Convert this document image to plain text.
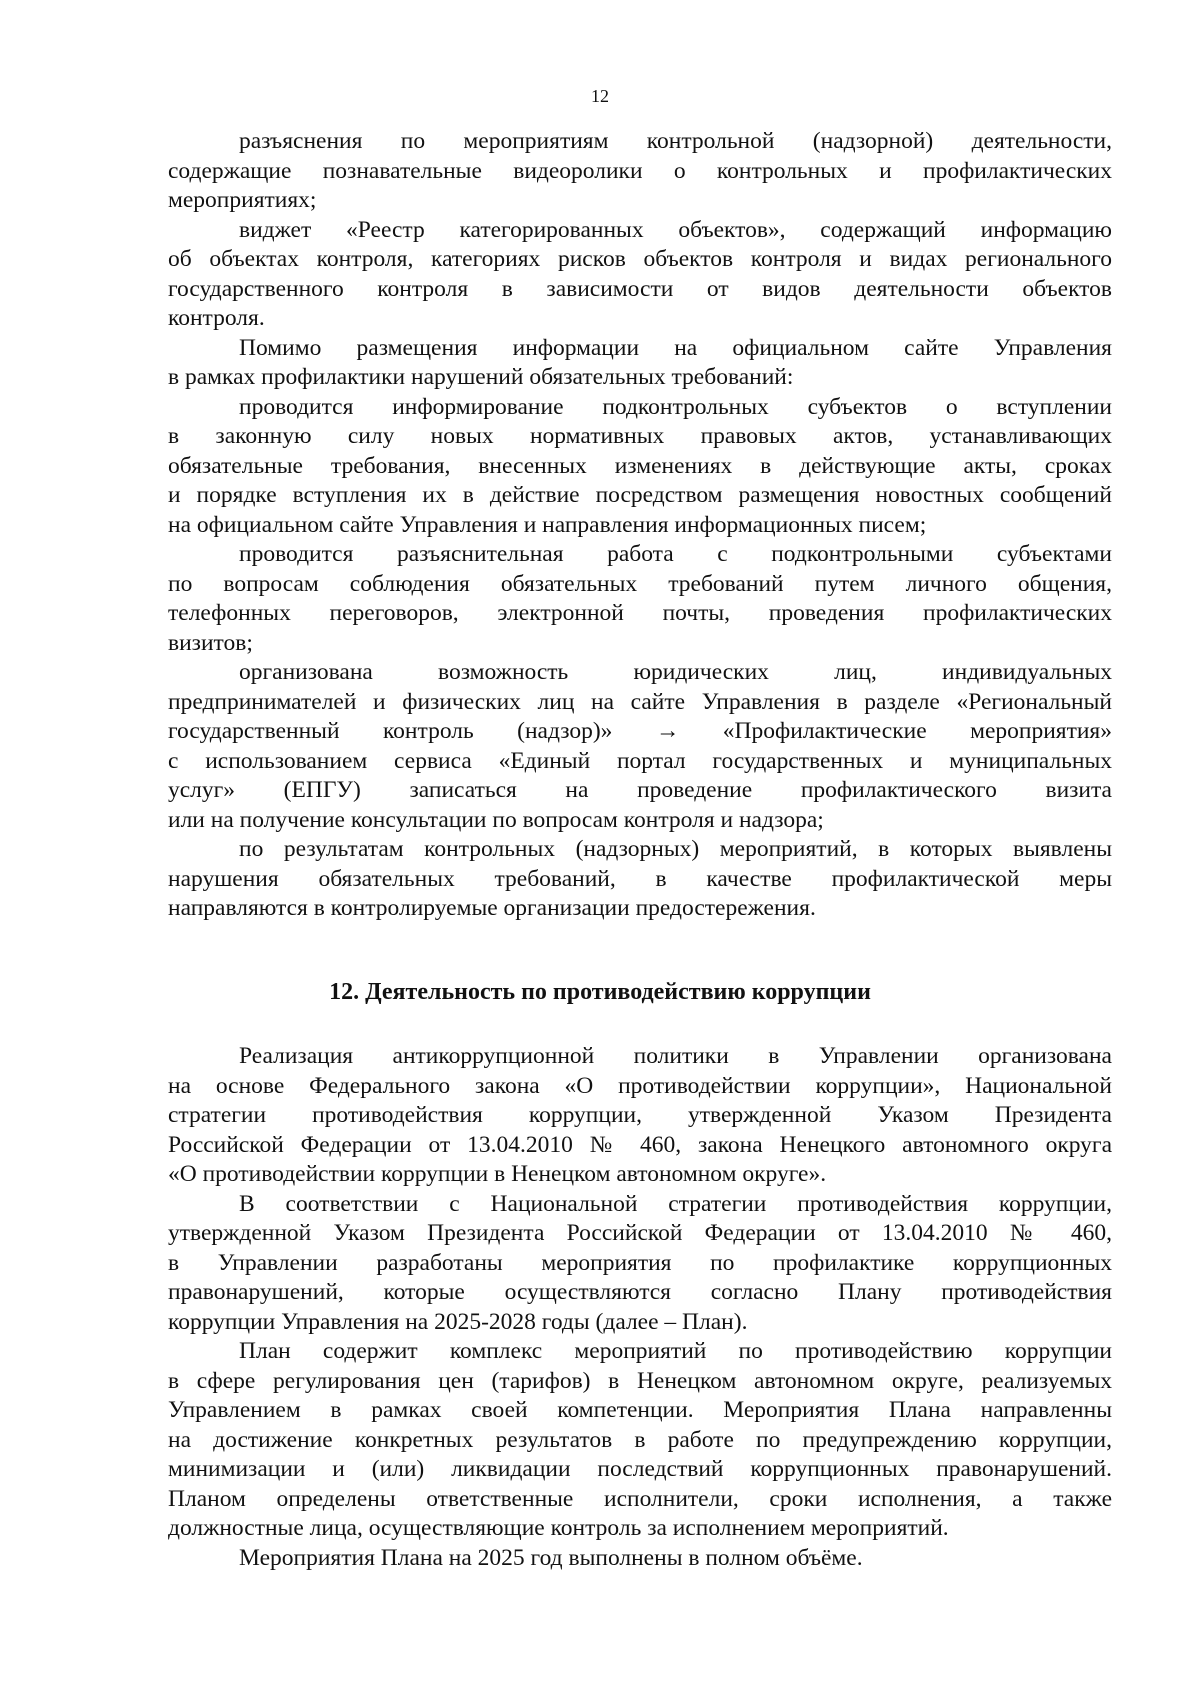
12
разъяснения по мероприятиям контрольной (надзорной) деятельности,
содержащие познавательные видеоролики о контрольных и профилактических
мероприятиях;
виджет «Реестр категорированных объектов», содержащий информацию
об объектах контроля, категориях рисков объектов контроля и видах регионального
государственного контроля в зависимости от видов деятельности объектов
контроля.
Помимо размещения информации на официальном сайте Управления
в рамках профилактики нарушений обязательных требований:
проводится информирование подконтрольных субъектов о вступлении
в законную силу новых нормативных правовых актов, устанавливающих
обязательные требования, внесенных изменениях в действующие акты, сроках
и порядке вступления их в действие посредством размещения новостных сообщений
на официальном сайте Управления и направления информационных писем;
проводится разъяснительная работа с подконтрольными субъектами
по вопросам соблюдения обязательных требований путем личного общения,
телефонных переговоров, электронной почты, проведения профилактических
визитов;
организована возможность юридических лиц, индивидуальных
предпринимателей и физических лиц на сайте Управления в разделе «Региональный
государственный контроль (надзор)» → «Профилактические мероприятия»
с использованием сервиса «Единый портал государственных и муниципальных
услуг» (ЕПГУ) записаться на проведение профилактического визита
или на получение консультации по вопросам контроля и надзора;
по результатам контрольных (надзорных) мероприятий, в которых выявлены
нарушения обязательных требований, в качестве профилактической меры
направляются в контролируемые организации предостережения.
12. Деятельность по противодействию коррупции
Реализация антикоррупционной политики в Управлении организована
на основе Федерального закона «О противодействии коррупции», Национальной
стратегии противодействия коррупции, утвержденной Указом Президента
Российской Федерации от 13.04.2010 № 460, закона Ненецкого автономного округа
«О противодействии коррупции в Ненецком автономном округе».
В соответствии с Национальной стратегии противодействия коррупции,
утвержденной Указом Президента Российской Федерации от 13.04.2010 № 460,
в Управлении разработаны мероприятия по профилактике коррупционных
правонарушений, которые осуществляются согласно Плану противодействия
коррупции Управления на 2025-2028 годы (далее – План).
План содержит комплекс мероприятий по противодействию коррупции
в сфере регулирования цен (тарифов) в Ненецком автономном округе, реализуемых
Управлением в рамках своей компетенции. Мероприятия Плана направленны
на достижение конкретных результатов в работе по предупреждению коррупции,
минимизации и (или) ликвидации последствий коррупционных правонарушений.
Планом определены ответственные исполнители, сроки исполнения, а также
должностные лица, осуществляющие контроль за исполнением мероприятий.
Мероприятия Плана на 2025 год выполнены в полном объёме.
